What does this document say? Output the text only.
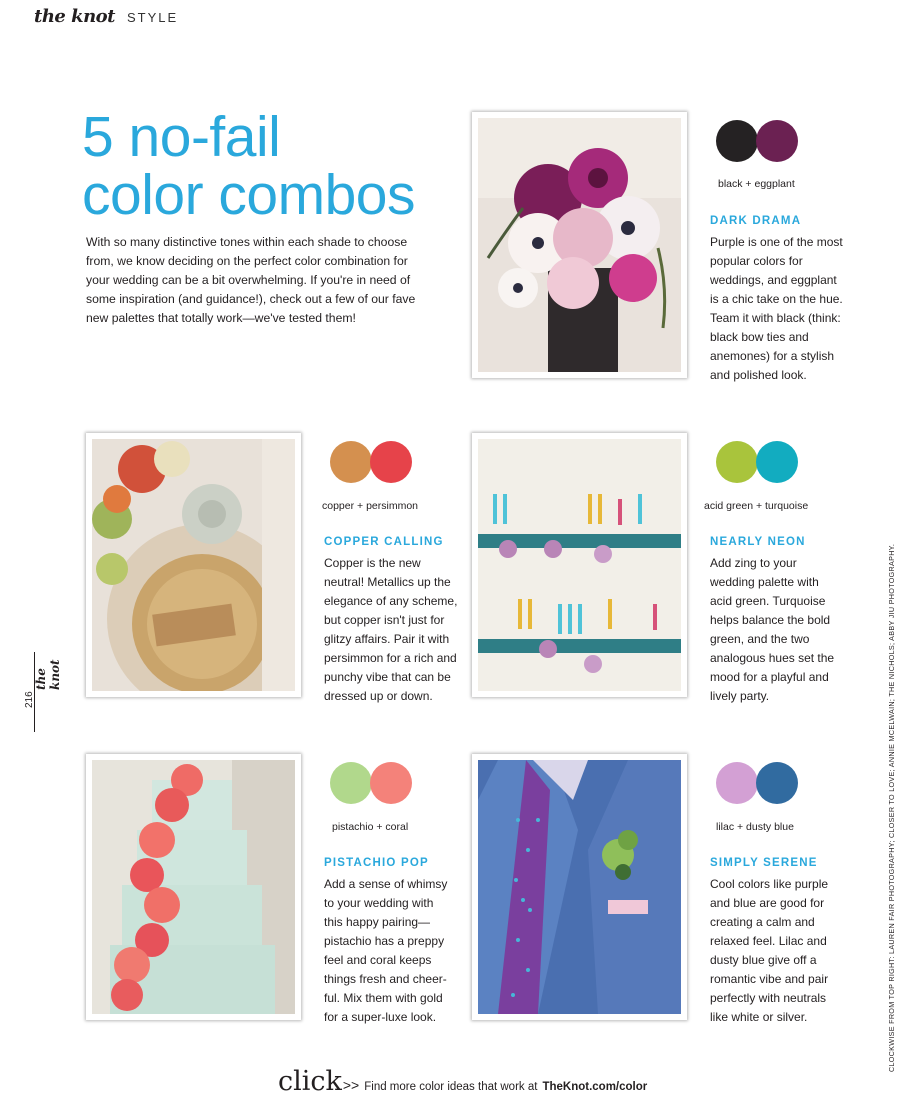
the knot STYLE
5 no-fail
color combos

With so many distinctive tones within each shade to choose from, we know deciding on the perfect color combination for your wedding can be a bit overwhelming. If you're in need of some inspiration (and guidance!), check out a few of our fave new palettes that totally work—we've tested them!

black + eggplant
DARK DRAMA

Purple is one of the most popular colors for weddings, and eggplant is a chic take on the hue. Team it with black (think: black bow ties and anemones) for a stylish and polished look.

copper + persimmon
COPPER CALLING

Copper is the new neutral! Metallics up the elegance of any scheme, but copper isn't just for glitzy affairs. Pair it with persimmon for a rich and punchy vibe that can be dressed up or down.

acid green + turquoise
NEARLY NEON

Add zing to your wedding palette with acid green. Turquoise helps balance the bold green, and the two analogous hues set the mood for a playful and lively party.

pistachio + coral
PISTACHIO POP

Add a sense of whimsy to your wedding with this happy pairing—pistachio has a preppy feel and coral keeps things fresh and cheer-ful. Mix them with gold for a super-luxe look.

lilac + dusty blue
SIMPLY SERENE

Cool colors like purple and blue are good for creating a calm and relaxed feel. Lilac and dusty blue give off a romantic vibe and pair perfectly with neutrals like white or silver.

216
the knot	CLOCKWISE FROM TOP RIGHT: LAUREN FAIR PHOTOGRAPHY; CLOSER TO LOVE; ANNIE MCELWAIN; THE NICHOLS; ABBY JIU PHOTOGRAPHY.
click >> Find more color ideas that work at TheKnot.com/color
